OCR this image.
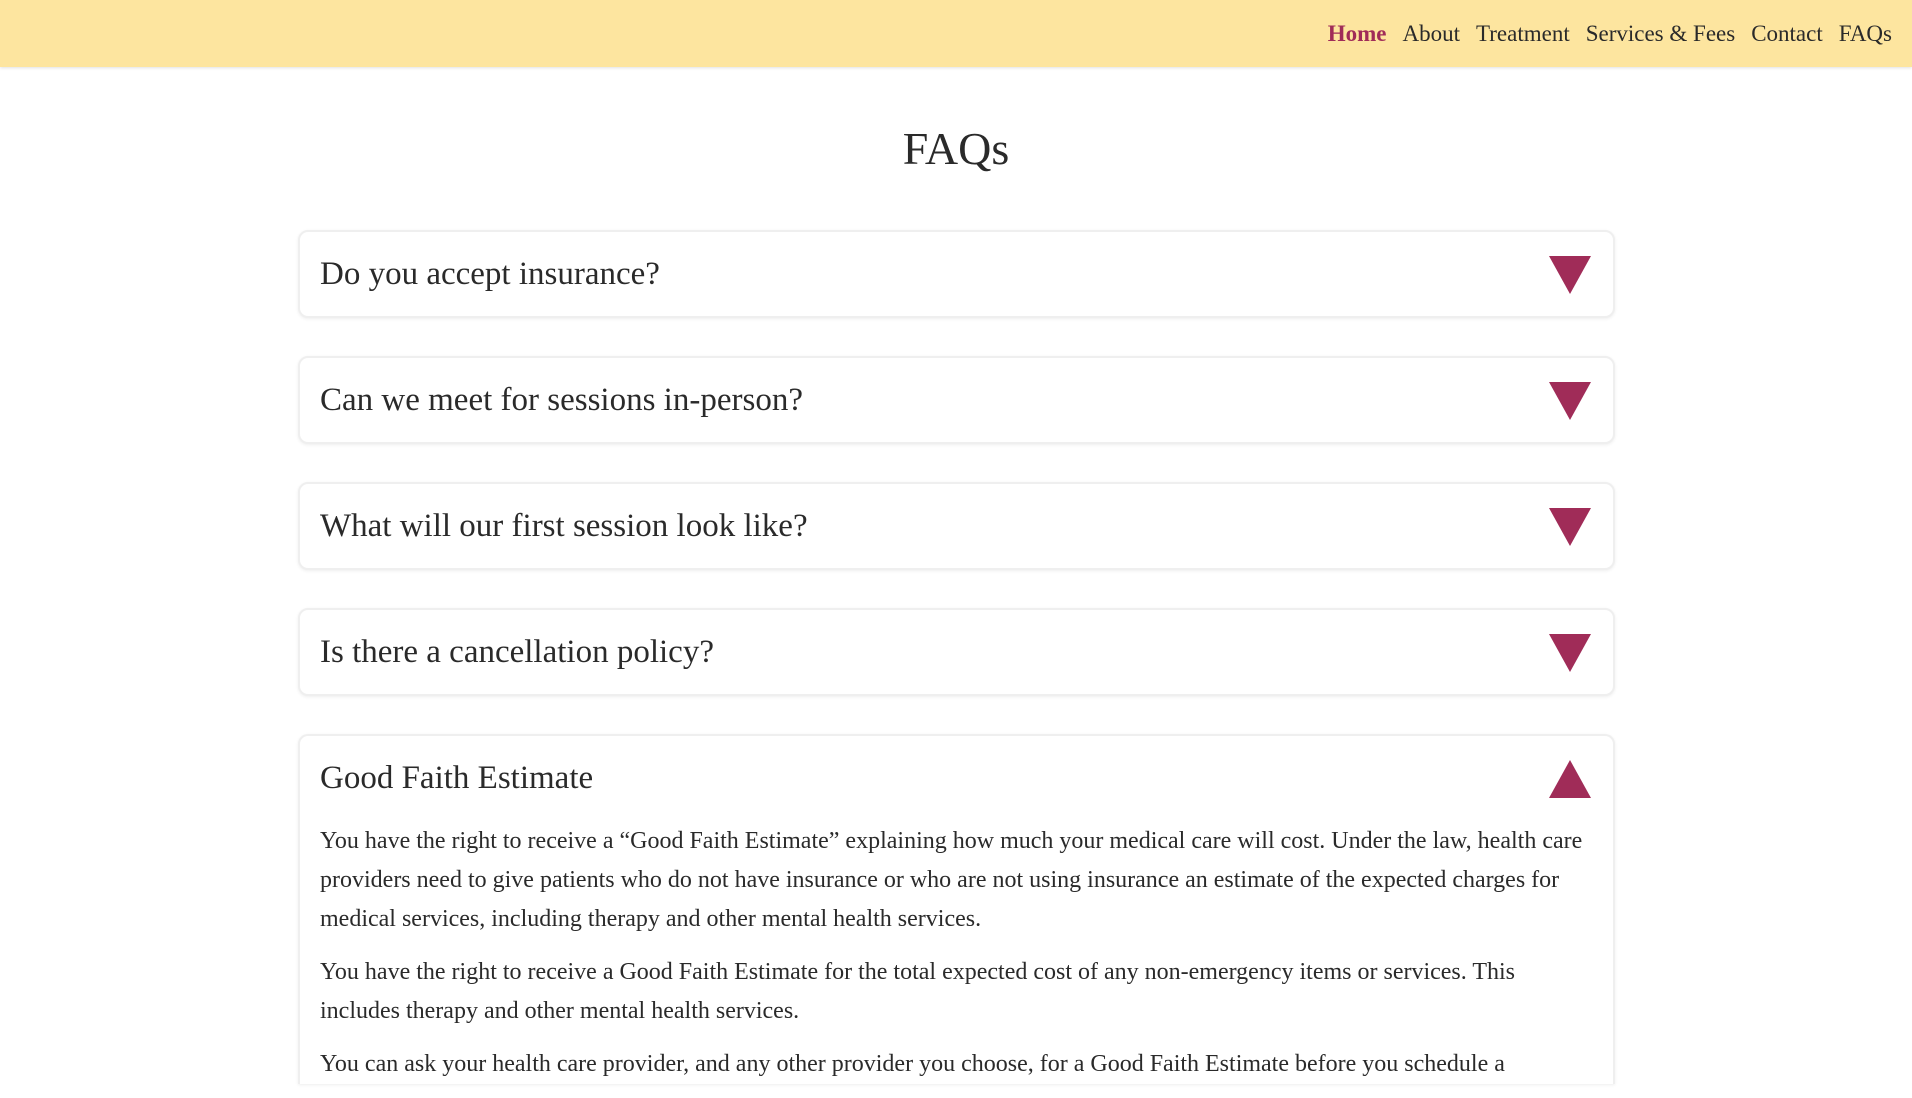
Home About Treatment Services & Fees Contact FAQs
FAQs
Do you accept insurance?
Can we meet for sessions in-person?
What will our first session look like?
Is there a cancellation policy?
Good Faith Estimate

You have the right to receive a “Good Faith Estimate” explaining how much your medical care will cost. Under the law, health care providers need to give patients who do not have insurance or who are not using insurance an estimate of the expected charges for medical services, including therapy and other mental health services.

You have the right to receive a Good Faith Estimate for the total expected cost of any non-emergency items or services. This includes therapy and other mental health services.

You can ask your health care provider, and any other provider you choose, for a Good Faith Estimate before you schedule a
